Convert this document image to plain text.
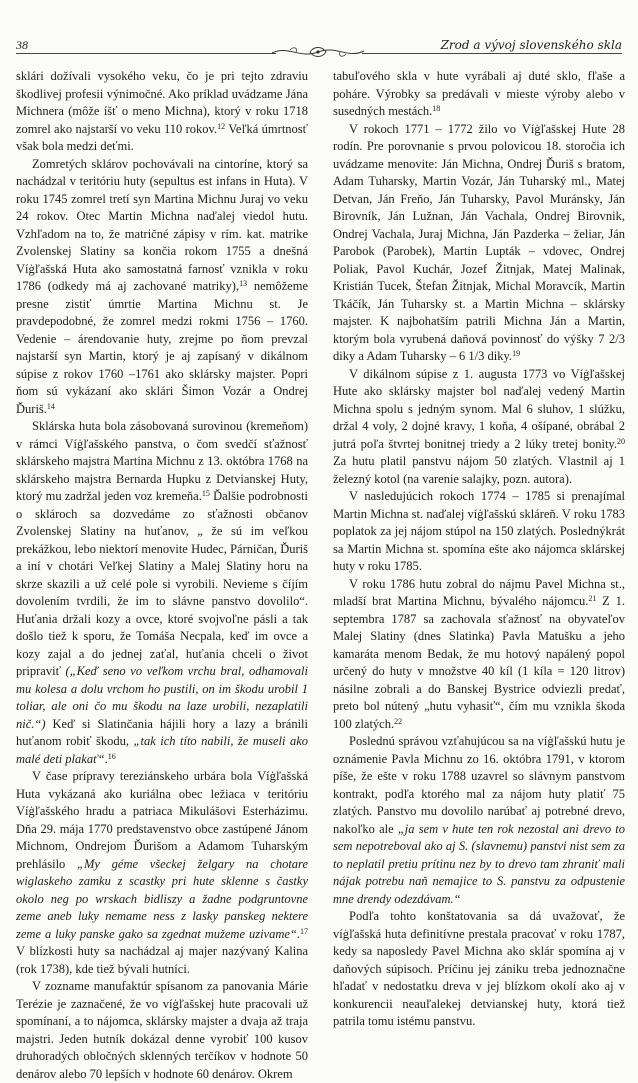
38	Zrod a vývoj slovenského skla

sklári dožívali vysokého veku, čo je pri tejto zdraviu škodlivej profesii výnimočné. Ako príklad uvádzame Jána Michnera (môže íšť o meno Michna), ktorý v roku 1718 zomrel ako najstarší vo veku 110 rokov.$^{12}$ Veľká úmrtnosť však bola medzi deťmi.

Zomretých sklárov pochovávali na cintoríne, ktorý sa nachádzal v teritóriu huty (sepultus est infans in Huta). V roku 1745 zomrel tretí syn Martina Michnu Juraj vo veku 24 rokov. Otec Martin Michna naďalej viedol hutu. Vzhľadom na to, že matričné zápisy v rím. kat. matrike Zvolenskej Slatiny sa končia rokom 1755 a dnešná Víġľašská Huta ako samostatná farnosť vznikla v roku 1786 (odkedy má aj zachované matriky),$^{13}$ nemôžeme presne zistiť úmrtie Martina Michnu st. Je pravdepodobné, že zomrel medzi rokmi 1756 – 1760. Vedenie – árendovanie huty, zrejme po ňom prevzal najstarší syn Martin, ktorý je aj zapísaný v dikálnom súpise z rokov 1760 –1761 ako sklársky majster. Popri ňom sú vykázaní ako sklári Šimon Vozár a Ondrej Ďuriš.$^{14}$

Sklárska huta bola zásobovaná surovinou (kremeňom) v rámci Víġľašského panstva, o čom svedčí sťažnosť sklárskeho majstra Martina Michnu z 13. októbra 1768 na sklárskeho majstra Bernarda Hupku z Detvianskej Huty, ktorý mu zadržal jeden voz kremeňa.$^{15}$ Ďalšie podrobnosti o sklároch sa dozvedáme zo sťažnosti občanov Zvolenskej Slatiny na huťanov, „ že sú im veľkou prekážkou, lebo niektorí menovite Hudec, Párničan, Ďuriš a iní v chotári Veľkej Slatiny a Malej Slatiny horu na skrze skazili a už celé pole si vyrobili. Nevieme s číjím dovolením tvrdili, že im to slávne panstvo dovolilo“. Huťania držali kozy a ovce, ktoré svojvoľne pásli a tak došlo tiež k sporu, že Tomáša Necpala, keď im ovce a kozy zajal a do jednej zaťal, huťania chceli o život pripraviť („Keď seno vo veľkom vrchu bral, odhamovali mu kolesa a dolu vrchom ho pustili, on im škodu urobil 1 toliar, ale oni čo mu škodu na laze urobili, nezaplatili nič.“) Keď si Slatinčania hájili hory a lazy a bránili huťanom robiť škodu, „tak ich títo nabili, že museli ako malé deti plakať“.$^{16}$

V čase prípravy tereziánskeho urbára bola Víġľašská Huta vykázaná ako kuriálna obec ležiaca v teritóriu Víġľašského hradu a patriaca Mikulášovi Esterházimu. Dňa 29. mája 1770 predstavenstvo obce zastúpené Jánom Michnom, Ondrejom Ďurišom a Adamom Tuharským prehlásilo „My géme všeckej želgary na chotare wiglaskeho zamku z scastky pri hute sklenne s častky okolo neg po wrskach bidliszy a žadne podgruntovne zeme aneb luky nemame ness z lasky panskeg nektere zeme a luky panske gako sa zgednat mužeme uzivame“.$^{17}$ V blízkosti huty sa nachádzal aj majer nazývaný Kalina (rok 1738), kde tiež bývali hutníci.

V zozname manufaktúr spísanom za panovania Márie Terézie je zaznačené, že vo víġľašskej hute pracovali už spomínaní, a to nájomca, sklársky majster a dvaja až traja majstri. Jeden hutník dokázal denne vyrobiť 100 kusov druhoradých obločných sklenných terčíkov v hodnote 50 denárov alebo 70 lepších v hodnote 60 denárov. Okrem

tabuľového skla v hute vyrábali aj duté sklo, fľaše a poháre. Výrobky sa predávali v mieste výroby alebo v susedných mestách.$^{18}$

V rokoch 1771 – 1772 žilo vo Víġľašskej Hute 28 rodín. Pre porovnanie s prvou polovicou 18. storočia ich uvádzame menovite: Ján Michna, Ondrej Ďuriš s bratom, Adam Tuharsky, Martin Vozár, Ján Tuharský ml., Matej Detvan, Ján Freňo, Ján Tuharsky, Pavol Muránsky, Ján Birovník, Ján Lužnan, Ján Vachala, Ondrej Birovnik, Ondrej Vachala, Juraj Michna, Ján Pazderka – želiar, Ján Parobok (Parobek), Martin Lupták – vdovec, Ondrej Poliak, Pavol Kuchár, Jozef Žitnjak, Matej Malinak, Kristián Tucek, Štefan Žitnjak, Michal Moravcík, Martin Tkáčík, Ján Tuharsky st. a Martin Michna – sklársky majster. K najbohatším patrili Michna Ján a Martin, ktorým bola vyrubená daňová povinnosť do výšky 7 2/3 diky a Adam Tuharsky – 6 1/3 diky.$^{19}$

V dikálnom súpise z 1. augusta 1773 vo Víġľašskej Hute ako sklársky majster bol naďalej vedený Martin Michna spolu s jedným synom. Mal 6 sluhov, 1 slúžku, držal 4 voly, 2 dojné kravy, 1 koňa, 4 ošípané, obrábal 2 jutrá poľa štvrtej bonitnej triedy a 2 lúky tretej bonity.$^{20}$ Za hutu platil panstvu nájom 50 zlatých. Vlastnil aj 1 železný kotol (na varenie salajky, pozn. autora).

V nasledujúcich rokoch 1774 – 1785 si prenajímal Martin Michna st. naďalej víġľašskú skláreň. V roku 1783 poplatok za jej nájom stúpol na 150 zlatých. Poslednýkrát sa Martin Michna st. spomína ešte ako nájomca sklárskej huty v roku 1785.

V roku 1786 hutu zobral do nájmu Pavel Michna st., mladší brat Martina Michnu, bývalého nájomcu.$^{21}$ Z 1. septembra 1787 sa zachovala sťažnosť na obyvateľov Malej Slatiny (dnes Slatinka) Pavla Matušku a jeho kamaráta menom Bedak, že mu hotový napálený popol určený do huty v množstve 40 kíl (1 kíla = 120 litrov) násilne zobrali a do Banskej Bystrice odviezli predať, preto bol nútený „hutu vyhasiť“, čím mu vznikla škoda 100 zlatých.$^{22}$

Poslednú správou vzťahujúcou sa na víġľašskú hutu je oznámenie Pavla Michnu zo 16. októbra 1791, v ktorom píše, že ešte v roku 1788 uzavrel so slávnym panstvom kontrakt, podľa ktorého mal za nájom huty platiť 75 zlatých. Panstvo mu dovolilo narúbať aj potrebné drevo, nakoľko ale „ja sem v hute ten rok nezostal ani drevo to sem nepotreboval ako aj S. (slavnemu) panstvi nist sem za to neplatil pretiu prítinu nez by to drevo tam zhraniť mali nájak potrebu naň nemajice to S. panstvu za odpustenie mne drendy odezdávam.“

Podľa tohto konštatovania sa dá uvažovať, že víġľašská huta definitívne prestala pracovať v roku 1787, kedy sa naposledy Pavel Michna ako sklár spomína aj v daňových súpisoch. Príčinu jej zániku treba jednoznačne hľadať v nedostatku dreva v jej blízkom okolí ako aj v konkurencii neauľalekej detvianskej huty, ktorá tiež patrila tomu istému panstvu.
